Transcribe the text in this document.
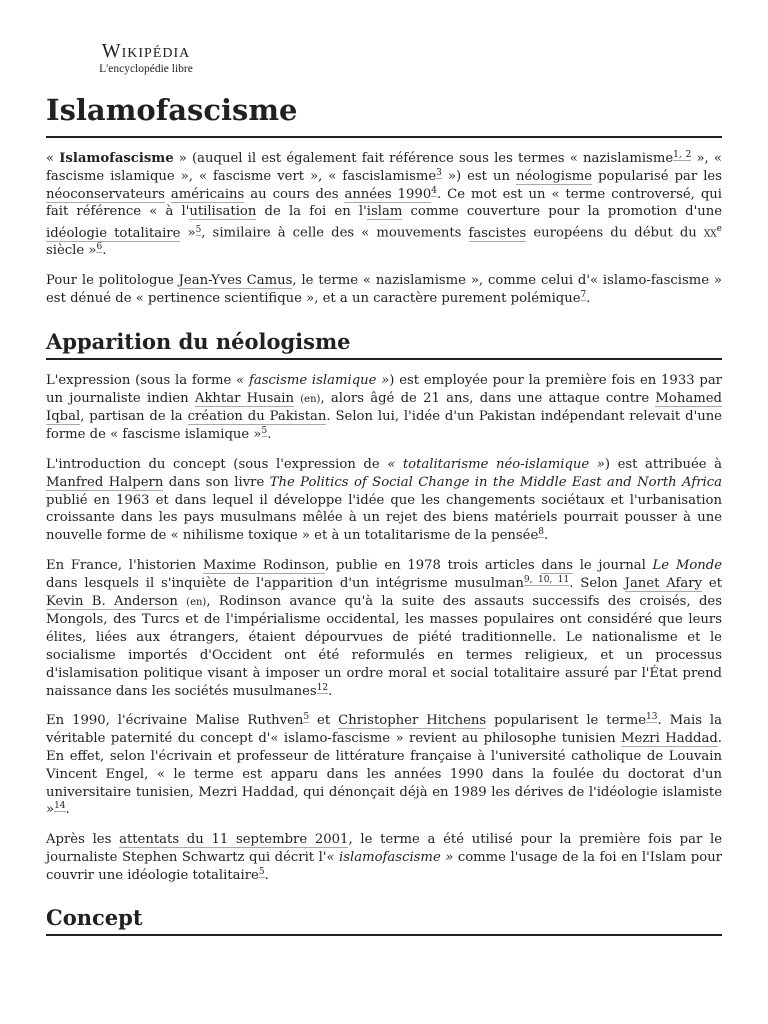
Wikipédia
L'encyclopédie libre
Islamofascisme

« Islamofascisme » (auquel il est également fait référence sous les termes « nazislamisme$^{1, 2}$ », « fascisme islamique », « fascisme vert », « fascislamisme$^3$ ») est un néologisme popularisé par les néoconservateurs américains au cours des années 1990$^4$. Ce mot est un « terme controversé, qui fait référence « à l'utilisation de la foi en l'islam comme couverture pour la promotion d'une idéologie totalitaire »$^5$, similaire à celle des « mouvements fascistes européens du début du $xx^e$ siècle »$^6$.

Pour le politologue Jean-Yves Camus, le terme « nazislamisme », comme celui d'« islamo-fascisme » est dénué de « pertinence scientifique », et a un caractère purement polémique$^7$.

Apparition du néologisme

L'expression (sous la forme « fascisme islamique ») est employée pour la première fois en 1933 par un journaliste indien Akhtar Husain (en), alors âgé de 21 ans, dans une attaque contre Mohamed Iqbal, partisan de la création du Pakistan. Selon lui, l'idée d'un Pakistan indépendant relevait d'une forme de « fascisme islamique »$^5$.

L'introduction du concept (sous l'expression de « totalitarisme néo-islamique ») est attribuée à Manfred Halpern dans son livre The Politics of Social Change in the Middle East and North Africa publié en 1963 et dans lequel il développe l'idée que les changements sociétaux et l'urbanisation croissante dans les pays musulmans mêlée à un rejet des biens matériels pourrait pousser à une nouvelle forme de « nihilisme toxique » et à un totalitarisme de la pensée$^8$.

En France, l'historien Maxime Rodinson, publie en 1978 trois articles dans le journal Le Monde dans lesquels il s'inquiète de l'apparition d'un intégrisme musulman$^{9, 10, 11}$. Selon Janet Afary et Kevin B. Anderson (en), Rodinson avance qu'à la suite des assauts successifs des croisés, des Mongols, des Turcs et de l'impérialisme occidental, les masses populaires ont considéré que leurs élites, liées aux étrangers, étaient dépourvues de piété traditionnelle. Le nationalisme et le socialisme importés d'Occident ont été reformulés en termes religieux, et un processus d'islamisation politique visant à imposer un ordre moral et social totalitaire assuré par l'État prend naissance dans les sociétés musulmanes$^{12}$.

En 1990, l'écrivaine Malise Ruthven$^5$ et Christopher Hitchens popularisent le terme$^{13}$. Mais la véritable paternité du concept d'« islamo-fascisme » revient au philosophe tunisien Mezri Haddad. En effet, selon l'écrivain et professeur de littérature française à l'université catholique de Louvain Vincent Engel, « le terme est apparu dans les années 1990 dans la foulée du doctorat d'un universitaire tunisien, Mezri Haddad, qui dénonçait déjà en 1989 les dérives de l'idéologie islamiste »$^{14}$.

Après les attentats du 11 septembre 2001, le terme a été utilisé pour la première fois par le journaliste Stephen Schwartz qui décrit l'« islamofascisme » comme l'usage de la foi en l'Islam pour couvrir une idéologie totalitaire$^5$.

Concept
